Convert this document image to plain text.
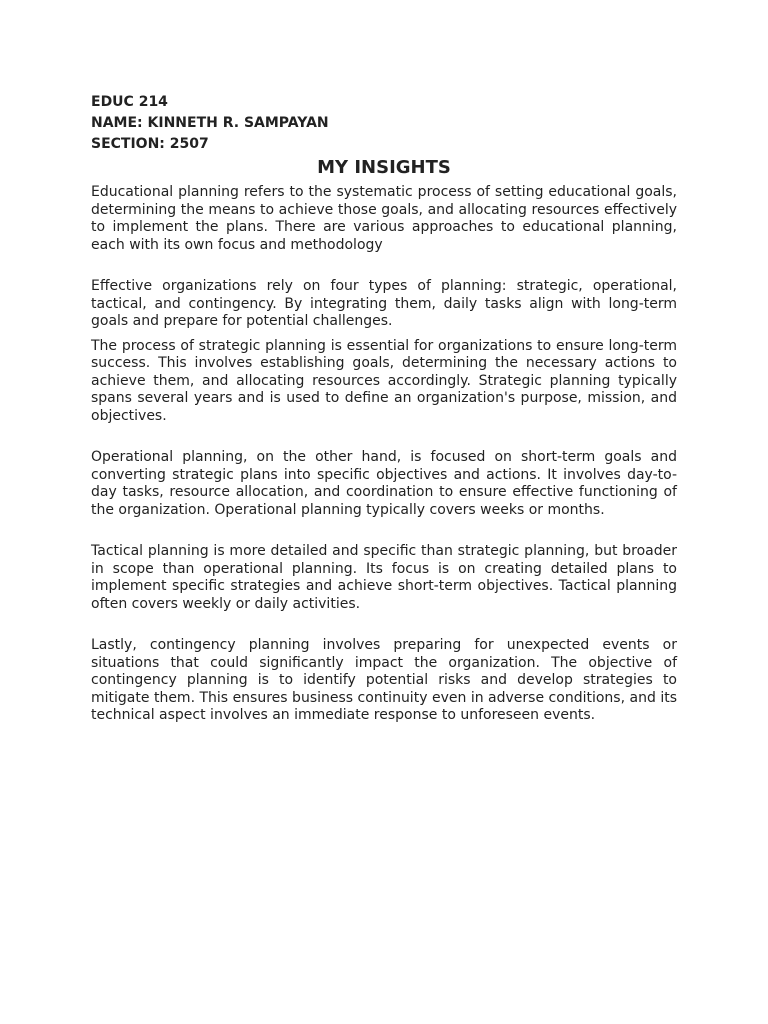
EDUC 214

NAME: KINNETH R. SAMPAYAN

SECTION: 2507

MY INSIGHTS

Educational planning refers to the systematic process of setting educational goals, determining the means to achieve those goals, and allocating resources effectively to implement the plans. There are various approaches to educational planning, each with its own focus and methodology

Effective organizations rely on four types of planning: strategic, operational, tactical, and contingency. By integrating them, daily tasks align with long-term goals and prepare for potential challenges.

The process of strategic planning is essential for organizations to ensure long-term success. This involves establishing goals, determining the necessary actions to achieve them, and allocating resources accordingly. Strategic planning typically spans several years and is used to define an organization's purpose, mission, and objectives.

Operational planning, on the other hand, is focused on short-term goals and converting strategic plans into specific objectives and actions. It involves day-to-day tasks, resource allocation, and coordination to ensure effective functioning of the organization. Operational planning typically covers weeks or months.

Tactical planning is more detailed and specific than strategic planning, but broader in scope than operational planning. Its focus is on creating detailed plans to implement specific strategies and achieve short-term objectives. Tactical planning often covers weekly or daily activities.

Lastly, contingency planning involves preparing for unexpected events or situations that could significantly impact the organization. The objective of contingency planning is to identify potential risks and develop strategies to mitigate them. This ensures business continuity even in adverse conditions, and its technical aspect involves an immediate response to unforeseen events.
